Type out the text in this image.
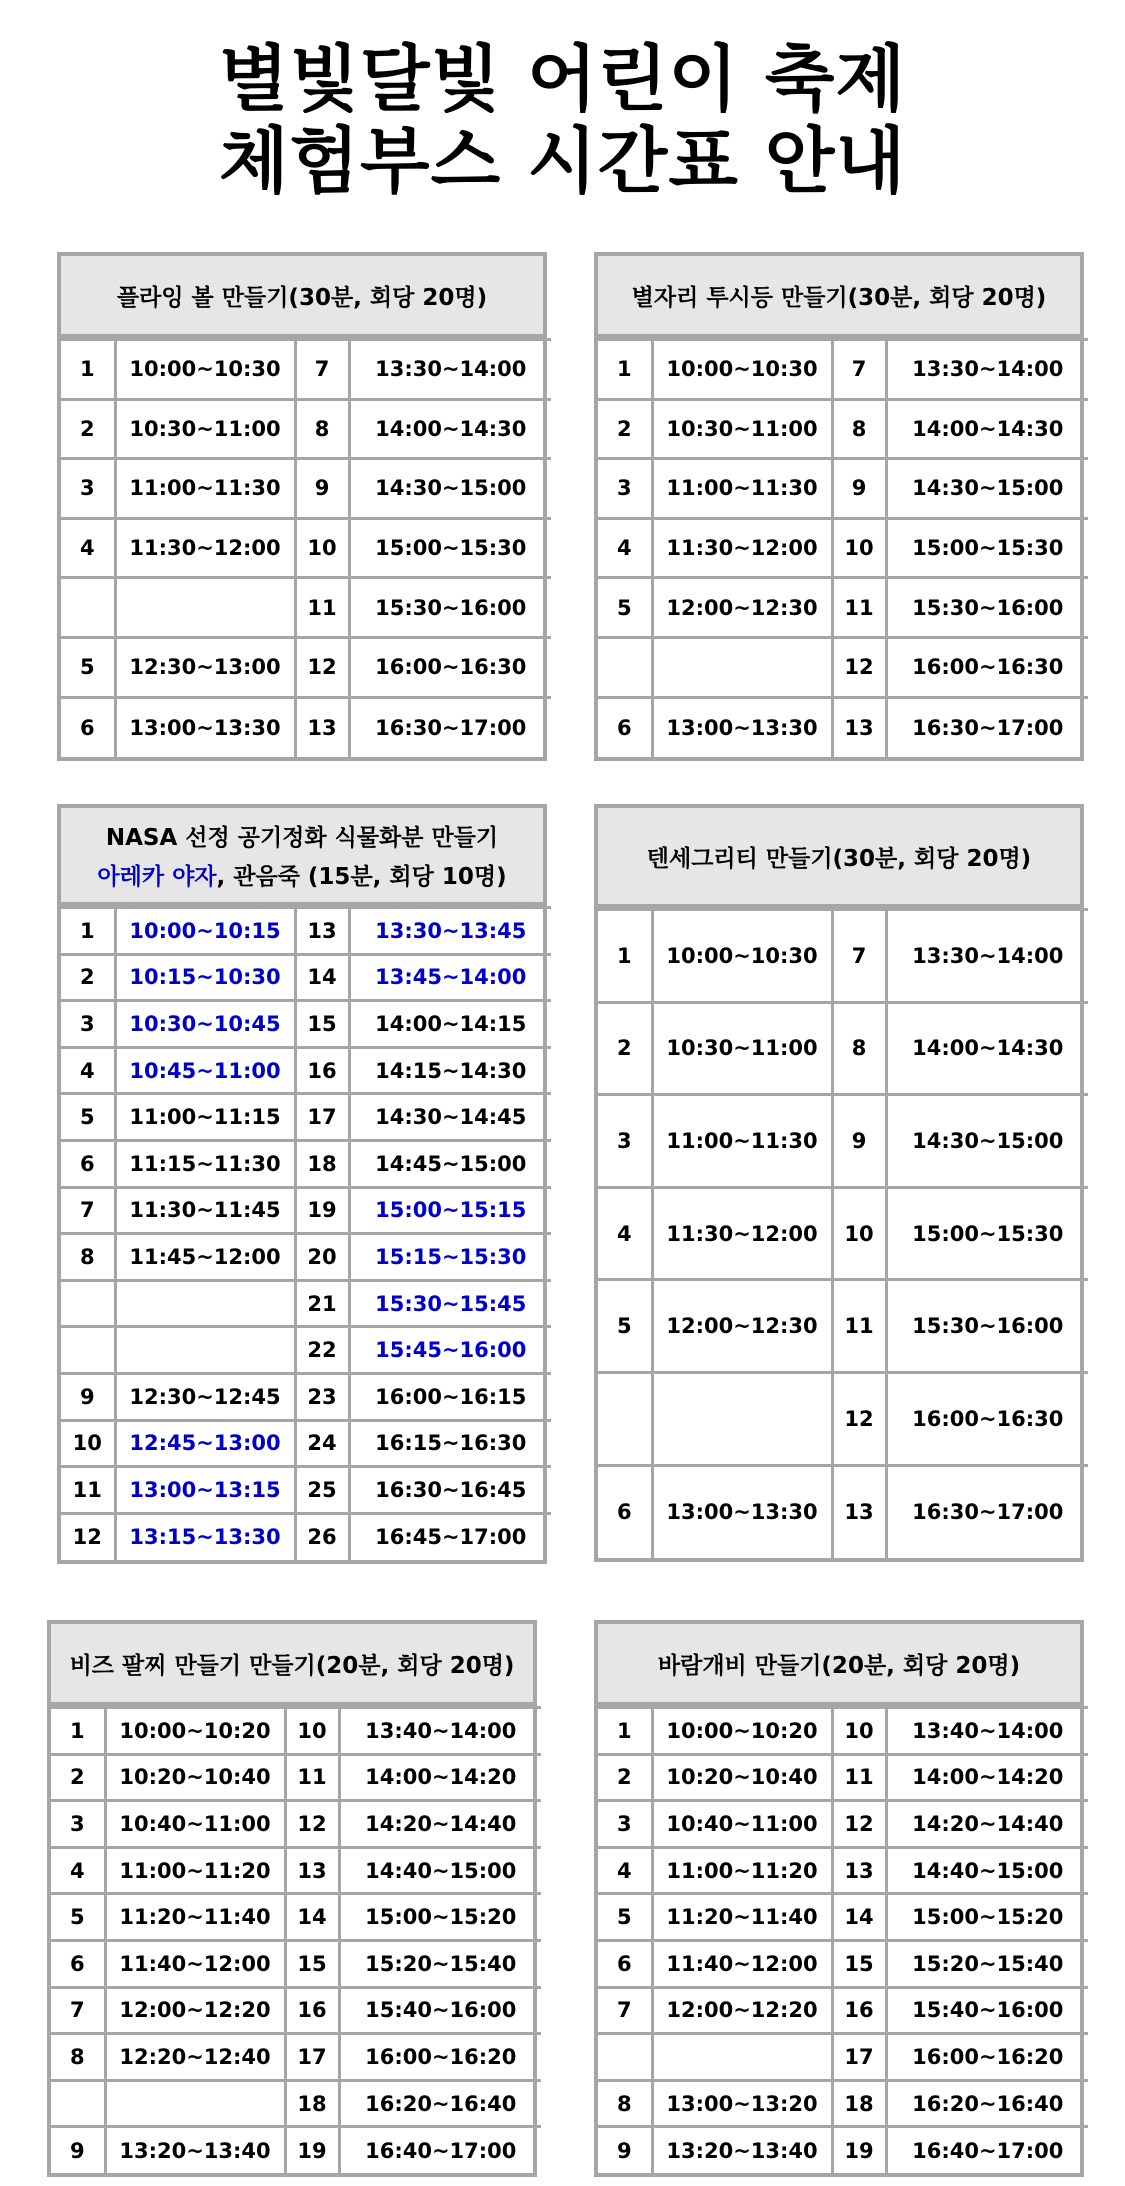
별빛달빛 어린이 축제
체험부스 시간표 안내
플라잉 볼 만들기(30분, 회당 20명)
1	10:00~10:30	7	13:30~14:00
2	10:30~11:00	8	14:00~14:30
3	11:00~11:30	9	14:30~15:00
4	11:30~12:00	10	15:00~15:30
		11	15:30~16:00
5	12:30~13:00	12	16:00~16:30
6	13:00~13:30	13	16:30~17:00
별자리 투시등 만들기(30분, 회당 20명)
1	10:00~10:30	7	13:30~14:00
2	10:30~11:00	8	14:00~14:30
3	11:00~11:30	9	14:30~15:00
4	11:30~12:00	10	15:00~15:30
5	12:00~12:30	11	15:30~16:00
		12	16:00~16:30
6	13:00~13:30	13	16:30~17:00
NASA 선정 공기정화 식물화분 만들기
아레카 야자, 관음죽 (15분, 회당 10명)
1	10:00~10:15	13	13:30~13:45
2	10:15~10:30	14	13:45~14:00
3	10:30~10:45	15	14:00~14:15
4	10:45~11:00	16	14:15~14:30
5	11:00~11:15	17	14:30~14:45
6	11:15~11:30	18	14:45~15:00
7	11:30~11:45	19	15:00~15:15
8	11:45~12:00	20	15:15~15:30
		21	15:30~15:45
		22	15:45~16:00
9	12:30~12:45	23	16:00~16:15
10	12:45~13:00	24	16:15~16:30
11	13:00~13:15	25	16:30~16:45
12	13:15~13:30	26	16:45~17:00
텐세그리티 만들기(30분, 회당 20명)
1	10:00~10:30	7	13:30~14:00
2	10:30~11:00	8	14:00~14:30
3	11:00~11:30	9	14:30~15:00
4	11:30~12:00	10	15:00~15:30
5	12:00~12:30	11	15:30~16:00
		12	16:00~16:30
6	13:00~13:30	13	16:30~17:00
비즈 팔찌 만들기 만들기(20분, 회당 20명)
1	10:00~10:20	10	13:40~14:00
2	10:20~10:40	11	14:00~14:20
3	10:40~11:00	12	14:20~14:40
4	11:00~11:20	13	14:40~15:00
5	11:20~11:40	14	15:00~15:20
6	11:40~12:00	15	15:20~15:40
7	12:00~12:20	16	15:40~16:00
8	12:20~12:40	17	16:00~16:20
		18	16:20~16:40
9	13:20~13:40	19	16:40~17:00
바람개비 만들기(20분, 회당 20명)
1	10:00~10:20	10	13:40~14:00
2	10:20~10:40	11	14:00~14:20
3	10:40~11:00	12	14:20~14:40
4	11:00~11:20	13	14:40~15:00
5	11:20~11:40	14	15:00~15:20
6	11:40~12:00	15	15:20~15:40
7	12:00~12:20	16	15:40~16:00
		17	16:00~16:20
8	13:00~13:20	18	16:20~16:40
9	13:20~13:40	19	16:40~17:00
